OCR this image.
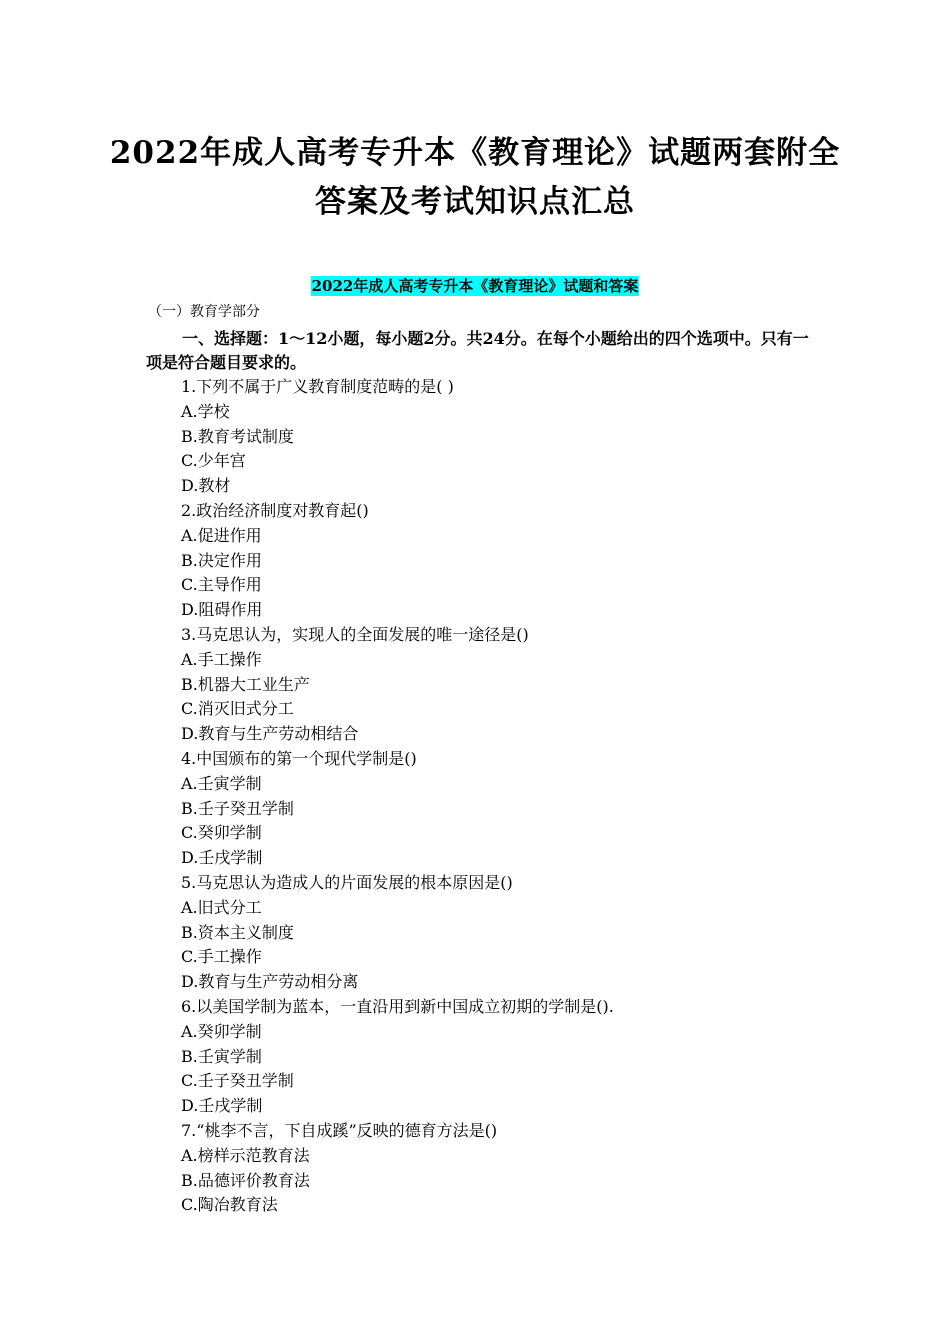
2022年成人高考专升本《教育理论》试题两套附全
答案及考试知识点汇总
2022年成人高考专升本《教育理论》试题和答案
（一）教育学部分
一、选择题：1～12小题，每小题2分。共24分。在每个小题给出的四个选项中。只有一项是符合题目要求的。
1.下列不属于广义教育制度范畴的是( )
A.学校
B.教育考试制度
C.少年宫
D.教材
2.政治经济制度对教育起()
A.促进作用
B.决定作用
C.主导作用
D.阻碍作用
3.马克思认为，实现人的全面发展的唯一途径是()
A.手工操作
B.机器大工业生产
C.消灭旧式分工
D.教育与生产劳动相结合
4.中国颁布的第一个现代学制是()
A.壬寅学制
B.壬子癸丑学制
C.癸卯学制
D.壬戌学制
5.马克思认为造成人的片面发展的根本原因是()
A.旧式分工
B.资本主义制度
C.手工操作
D.教育与生产劳动相分离
6.以美国学制为蓝本，一直沿用到新中国成立初期的学制是().
A.癸卯学制
B.壬寅学制
C.壬子癸丑学制
D.壬戌学制
7.“桃李不言，下自成蹊”反映的德育方法是()
A.榜样示范教育法
B.品德评价教育法
C.陶冶教育法
